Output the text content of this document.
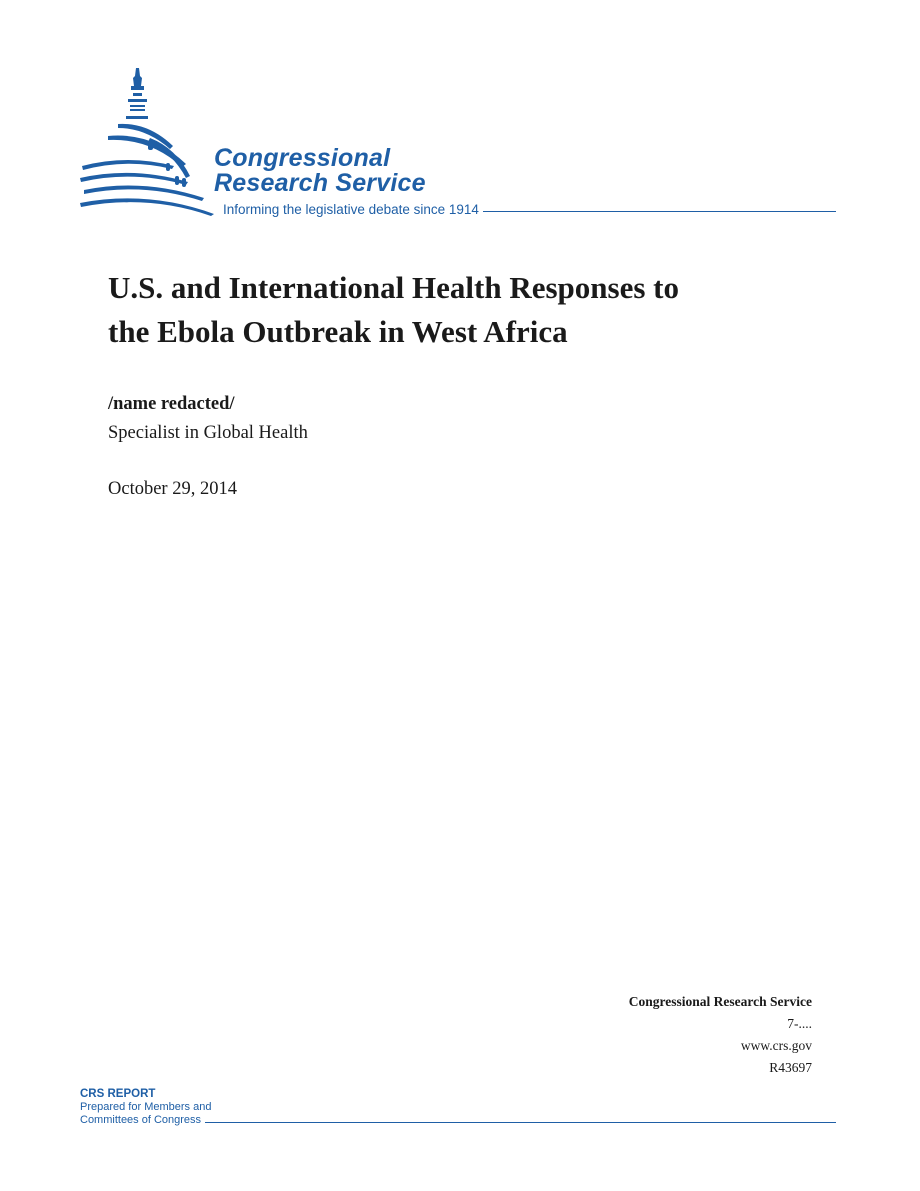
Congressional
Research Service
Informing the legislative debate since 1914
U.S. and International Health Responses to
the Ebola Outbreak in West Africa
/name redacted/
Specialist in Global Health
October 29, 2014
Congressional Research Service
7-....
www.crs.gov
R43697
CRS REPORT
Prepared for Members and
Committees of Congress
